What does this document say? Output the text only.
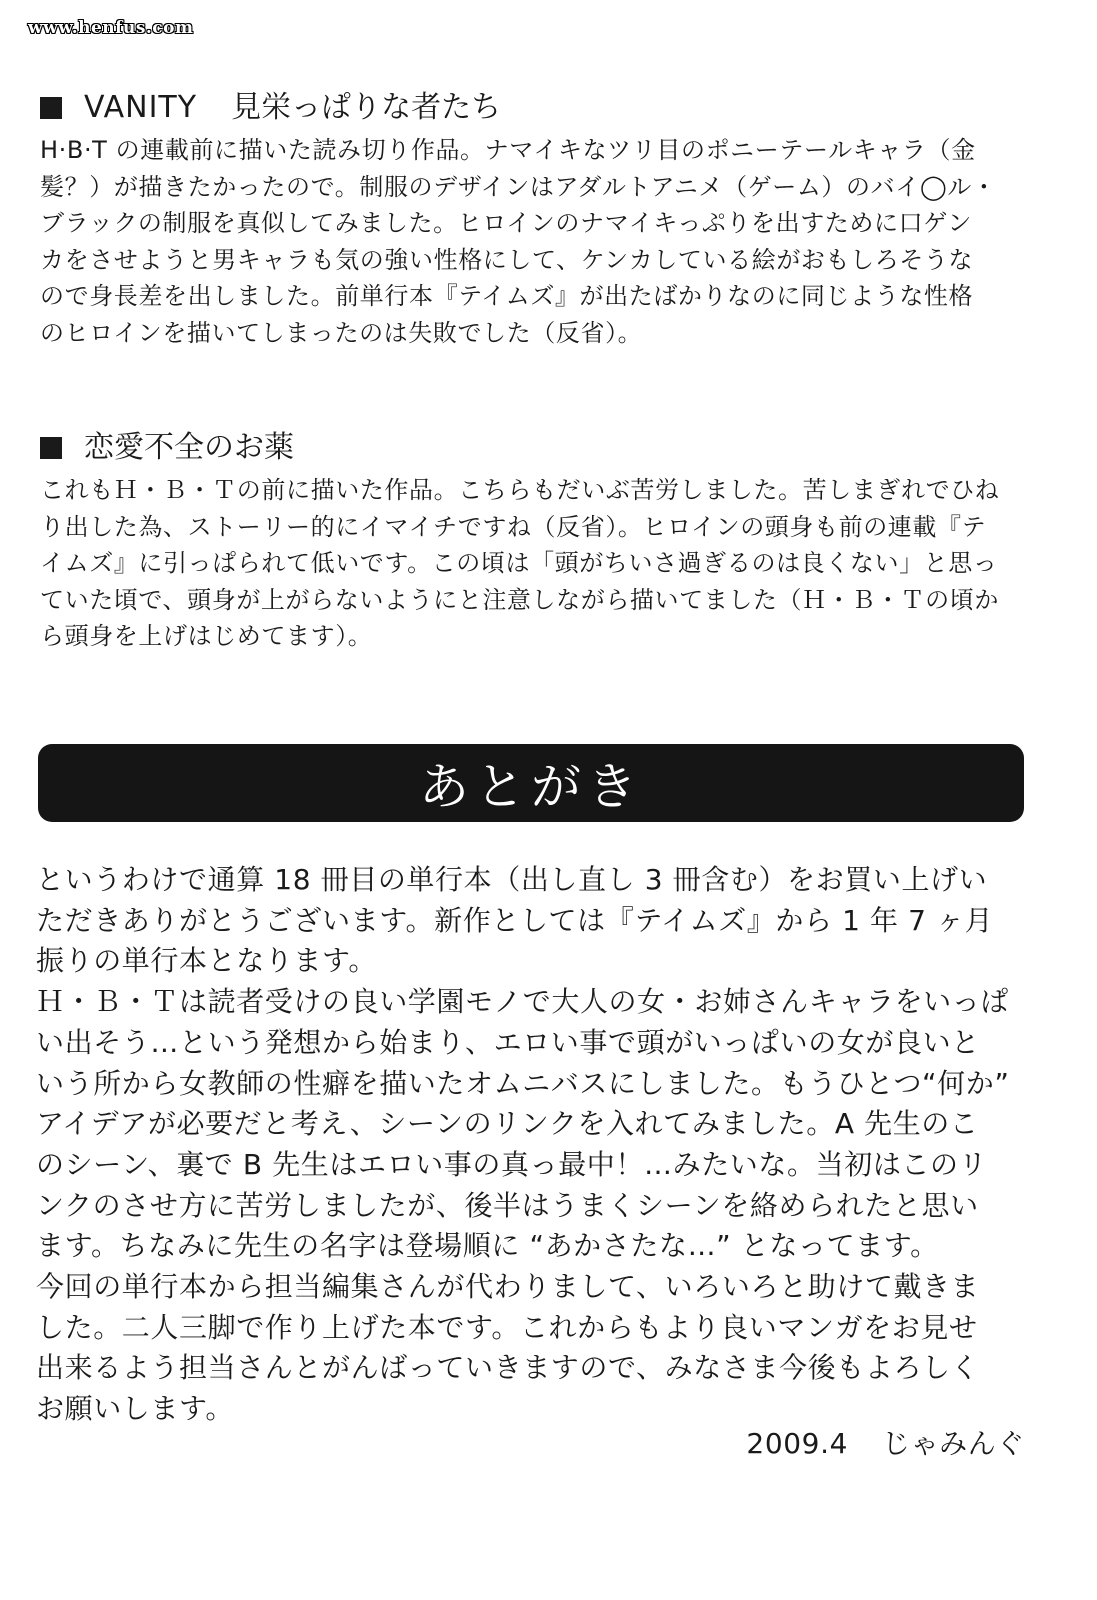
www.henfus.com
VANITY 見栄っぱりな者たち
H·B·T の連載前に描いた読み切り作品。ナマイキなツリ目のポニーテールキャラ（金
髪？）が描きたかったので。制服のデザインはアダルトアニメ（ゲーム）のバイ◯ル・
ブラックの制服を真似してみました。ヒロインのナマイキっぷりを出すために口ゲン
カをさせようと男キャラも気の強い性格にして、ケンカしている絵がおもしろそうな
ので身長差を出しました。前単行本『テイムズ』が出たばかりなのに同じような性格
のヒロインを描いてしまったのは失敗でした（反省）。
恋愛不全のお薬
これもＨ・Ｂ・Ｔの前に描いた作品。こちらもだいぶ苦労しました。苦しまぎれでひね
り出した為、ストーリー的にイマイチですね（反省）。ヒロインの頭身も前の連載『テ
イムズ』に引っぱられて低いです。この頃は「頭がちいさ過ぎるのは良くない」と思っ
ていた頃で、頭身が上がらないようにと注意しながら描いてました（Ｈ・Ｂ・Ｔの頃か
ら頭身を上げはじめてます）。
あとがき
というわけで通算 18 冊目の単行本（出し直し 3 冊含む）をお買い上げい
ただきありがとうございます。新作としては『テイムズ』から 1 年 7 ヶ月
振りの単行本となります。
Ｈ・Ｂ・Ｔは読者受けの良い学園モノで大人の女・お姉さんキャラをいっぱ
い出そう…という発想から始まり、エロい事で頭がいっぱいの女が良いと
いう所から女教師の性癖を描いたオムニバスにしました。もうひとつ“何か”
アイデアが必要だと考え、シーンのリンクを入れてみました。A 先生のこ
のシーン、裏で B 先生はエロい事の真っ最中！…みたいな。当初はこのリ
ンクのさせ方に苦労しましたが、後半はうまくシーンを絡められたと思い
ます。ちなみに先生の名字は登場順に “あかさたな…” となってます。
今回の単行本から担当編集さんが代わりまして、いろいろと助けて戴きま
した。二人三脚で作り上げた本です。これからもより良いマンガをお見せ
出来るよう担当さんとがんばっていきますので、みなさま今後もよろしく
お願いします。
2009.4 じゃみんぐ
